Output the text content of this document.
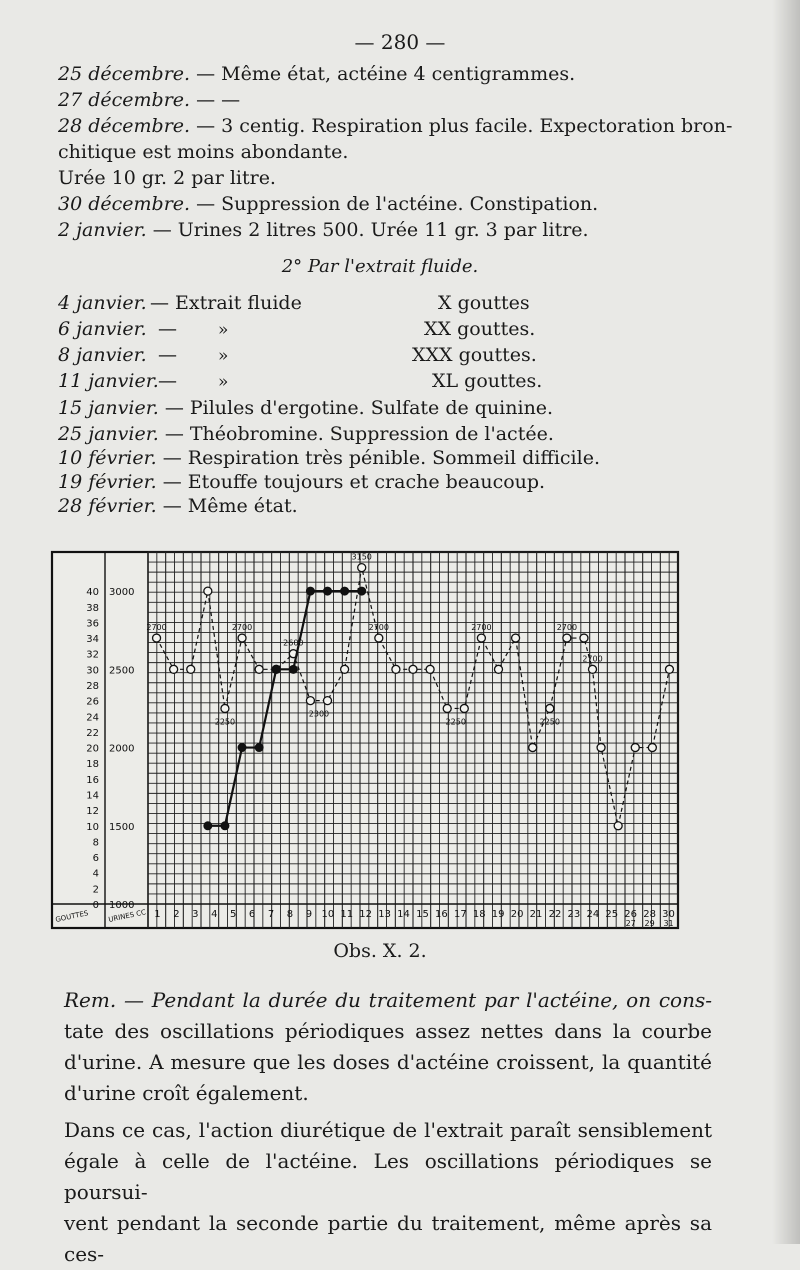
— 280 —
25 décembre. — Même état, actéine 4 centigrammes.
27 décembre. — —
28 décembre. — 3 centig. Respiration plus facile. Expectoration bron-
chitique est moins abondante.
Urée 10 gr. 2 par litre.
30 décembre. — Suppression de l'actéine. Constipation.
2 janvier. — Urines 2 litres 500. Urée 11 gr. 3 par litre.
2° Par l'extrait fluide.
4 janvier. — Extrait fluide	X gouttes
6 janvier. — »	XX gouttes.
8 janvier. — »	XXX gouttes.
11 janvier. — »	XL gouttes.
15 janvier. — Pilules d'ergotine. Sulfate de quinine.
25 janvier. — Théobromine. Suppression de l'actée.
10 février. — Respiration très pénible. Sommeil difficile.
19 février. — Etouffe toujours et crache beaucoup.
28 février. — Même état.
40
38
36
34
32
30
28
26
24
22
20
18
16
14
12
10
8
6
4
2
0
3000
2500
2000
1500
1000
1 2 3 4 5 6 7 8 9 10 11 12 13 14 15 16 17 18 19 20 21 22 23 24 25 26
27
28
29
30
31
GOUTTES	URINES CC
2700
2250
2700
2600
2300
3150
2700
2250
2700
2250
2700
2700
Obs. X. 2.
Rem. — Pendant la durée du traitement par l'actéine, on cons-
tate des oscillations périodiques assez nettes dans la courbe
d'urine. A mesure que les doses d'actéine croissent, la quantité
d'urine croît également.
Dans ce cas, l'action diurétique de l'extrait paraît sensiblement
égale à celle de l'actéine. Les oscillations périodiques se poursui-
vent pendant la seconde partie du traitement, même après sa ces-
